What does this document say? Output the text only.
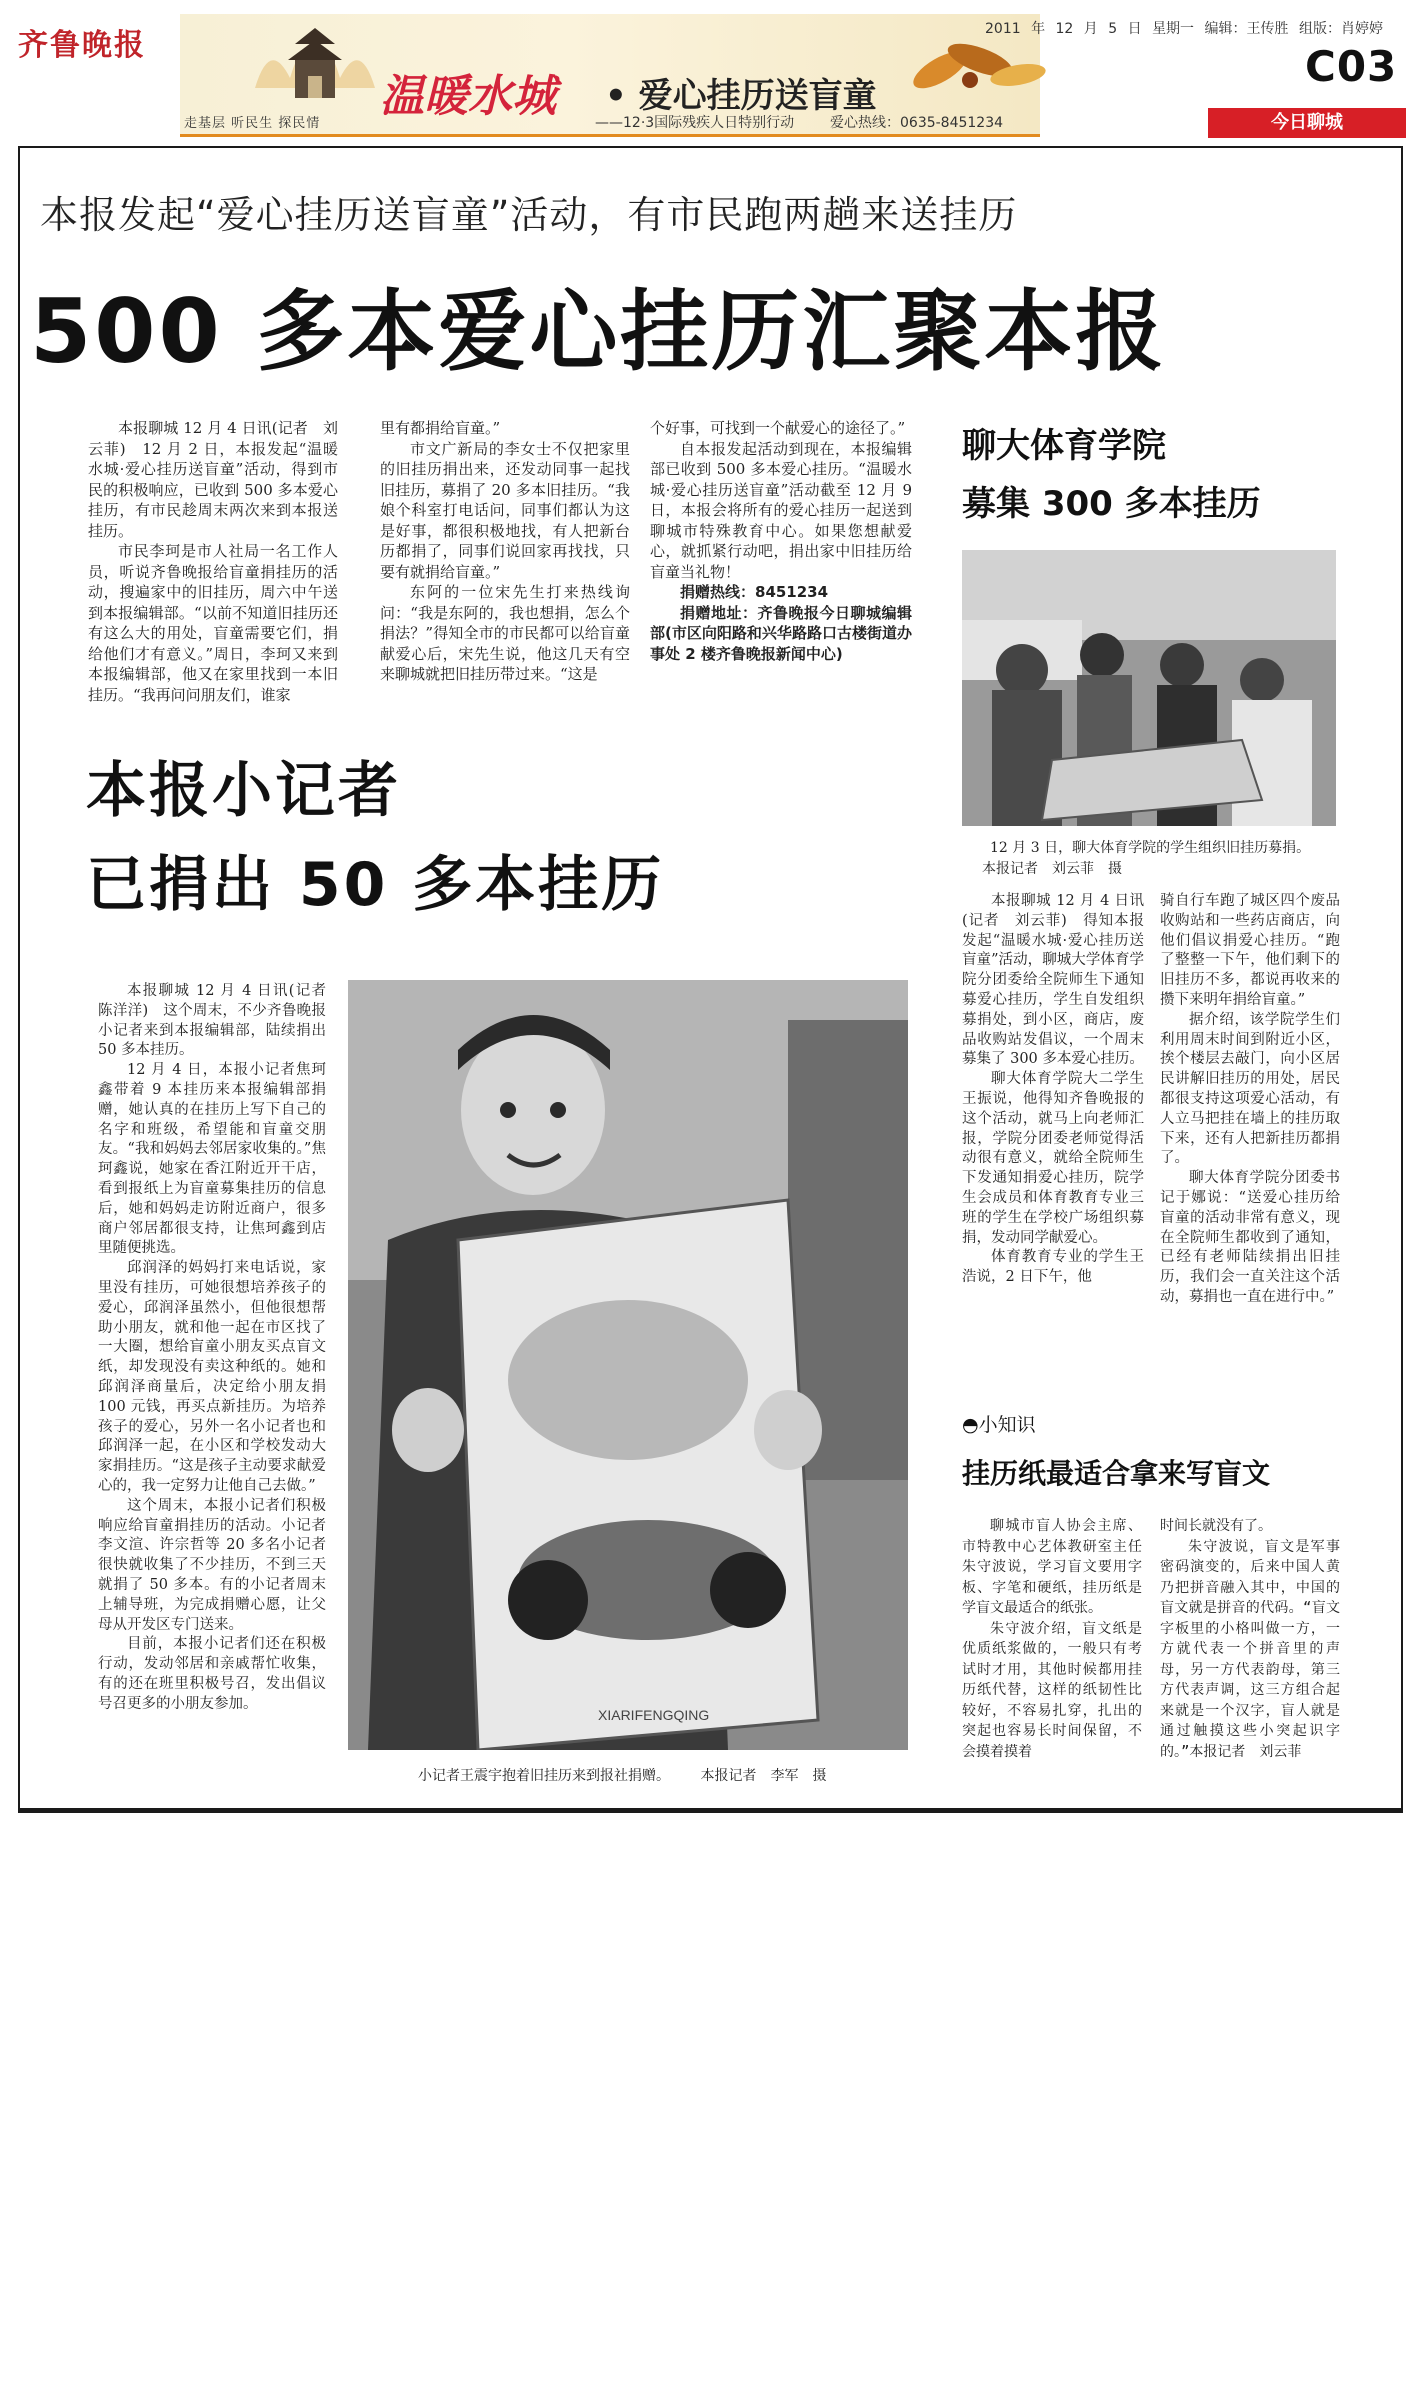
齐鲁晚报
走基层 听民生 探民情
温暖水城 • 爱心挂历送盲童
——12·3国际残疾人日特别行动	爱心热线：0635-8451234
2011 年 12 月 5 日 星期一 编辑：王传胜 组版：肖婷婷
C03
今日聊城
本报发起“爱心挂历送盲童”活动，有市民跑两趟来送挂历
500 多本爱心挂历汇聚本报

本报聊城 12 月 4 日讯(记者　刘云菲)　12 月 2 日，本报发起“温暖水城·爱心挂历送盲童”活动，得到市民的积极响应，已收到 500 多本爱心挂历，有市民趁周末两次来到本报送挂历。

市民李珂是市人社局一名工作人员，听说齐鲁晚报给盲童捐挂历的活动，搜遍家中的旧挂历，周六中午送到本报编辑部。“以前不知道旧挂历还有这么大的用处，盲童需要它们，捐给他们才有意义。”周日，李珂又来到本报编辑部，他又在家里找到一本旧挂历。“我再问问朋友们，谁家

里有都捐给盲童。”

市文广新局的李女士不仅把家里的旧挂历捐出来，还发动同事一起找旧挂历，募捐了 20 多本旧挂历。“我娘个科室打电话问，同事们都认为这是好事，都很积极地找，有人把新台历都捐了，同事们说回家再找找，只要有就捐给盲童。”

东阿的一位宋先生打来热线询问：“我是东阿的，我也想捐，怎么个捐法？”得知全市的市民都可以给盲童献爱心后，宋先生说，他这几天有空来聊城就把旧挂历带过来。“这是

个好事，可找到一个献爱心的途径了。”

自本报发起活动到现在，本报编辑部已收到 500 多本爱心挂历。“温暖水城·爱心挂历送盲童”活动截至 12 月 9 日，本报会将所有的爱心挂历一起送到聊城市特殊教育中心。如果您想献爱心，就抓紧行动吧，捐出家中旧挂历给盲童当礼物！

捐赠热线：8451234

捐赠地址：齐鲁晚报今日聊城编辑部(市区向阳路和兴华路路口古楼街道办事处 2 楼齐鲁晚报新闻中心)

本报小记者
已捐出 50 多本挂历

本报聊城 12 月 4 日讯(记者　陈洋洋)　这个周末，不少齐鲁晚报小记者来到本报编辑部，陆续捐出 50 多本挂历。

12 月 4 日，本报小记者焦珂鑫带着 9 本挂历来本报编辑部捐赠，她认真的在挂历上写下自己的名字和班级，希望能和盲童交朋友。“我和妈妈去邻居家收集的。”焦珂鑫说，她家在香江附近开干店，看到报纸上为盲童募集挂历的信息后，她和妈妈走访附近商户，很多商户邻居都很支持，让焦珂鑫到店里随便挑选。

邱润泽的妈妈打来电话说，家里没有挂历，可她很想培养孩子的爱心，邱润泽虽然小，但他很想帮助小朋友，就和他一起在市区找了一大圈，想给盲童小朋友买点盲文纸，却发现没有卖这种纸的。她和邱润泽商量后，决定给小朋友捐 100 元钱，再买点新挂历。为培养孩子的爱心，另外一名小记者也和邱润泽一起，在小区和学校发动大家捐挂历。“这是孩子主动要求献爱心的，我一定努力让他自己去做。”

这个周末，本报小记者们积极响应给盲童捐挂历的活动。小记者李文渲、许宗哲等 20 多名小记者很快就收集了不少挂历，不到三天就捐了 50 多本。有的小记者周末上辅导班，为完成捐赠心愿，让父母从开发区专门送来。

目前，本报小记者们还在积极行动，发动邻居和亲戚帮忙收集，有的还在班里积极号召，发出倡议号召更多的小朋友参加。

XIARIFENGQING
小记者王震宇抱着旧挂历来到报社捐赠。 本报记者　李军　摄
聊大体育学院
募集 300 多本挂历
12 月 3 日，聊大体育学院的学生组织旧挂历募捐。 本报记者　刘云菲　摄

本报聊城 12 月 4 日讯(记者　刘云菲)　得知本报发起“温暖水城·爱心挂历送盲童”活动，聊城大学体育学院分团委给全院师生下通知募爱心挂历，学生自发组织募捐处，到小区，商店，废品收购站发倡议，一个周末募集了 300 多本爱心挂历。

聊大体育学院大二学生王振说，他得知齐鲁晚报的这个活动，就马上向老师汇报，学院分团委老师觉得活动很有意义，就给全院师生下发通知捐爱心挂历，院学生会成员和体育教育专业三班的学生在学校广场组织募捐，发动同学献爱心。

体育教育专业的学生王浩说，2 日下午，他

骑自行车跑了城区四个废品收购站和一些药店商店，向他们倡议捐爱心挂历。“跑了整整一下午，他们剩下的旧挂历不多，都说再收来的攒下来明年捐给盲童。”

据介绍，该学院学生们利用周末时间到附近小区，挨个楼层去敲门，向小区居民讲解旧挂历的用处，居民都很支持这项爱心活动，有人立马把挂在墙上的挂历取下来，还有人把新挂历都捐了。

聊大体育学院分团委书记于娜说：“送爱心挂历给盲童的活动非常有意义，现在全院师生都收到了通知，已经有老师陆续捐出旧挂历，我们会一直关注这个活动，募捐也一直在进行中。”

◓小知识
挂历纸最适合拿来写盲文

聊城市盲人协会主席、市特教中心艺体教研室主任朱守波说，学习盲文要用字板、字笔和硬纸，挂历纸是学盲文最适合的纸张。

朱守波介绍，盲文纸是优质纸浆做的，一般只有考试时才用，其他时候都用挂历纸代替，这样的纸韧性比较好，不容易扎穿，扎出的突起也容易长时间保留，不会摸着摸着

时间长就没有了。

朱守波说，盲文是军事密码演变的，后来中国人黄乃把拼音融入其中，中国的盲文就是拼音的代码。“盲文字板里的小格叫做一方，一方就代表一个拼音里的声母，另一方代表韵母，第三方代表声调，这三方组合起来就是一个汉字，盲人就是通过触摸这些小突起识字的。”本报记者　刘云菲
